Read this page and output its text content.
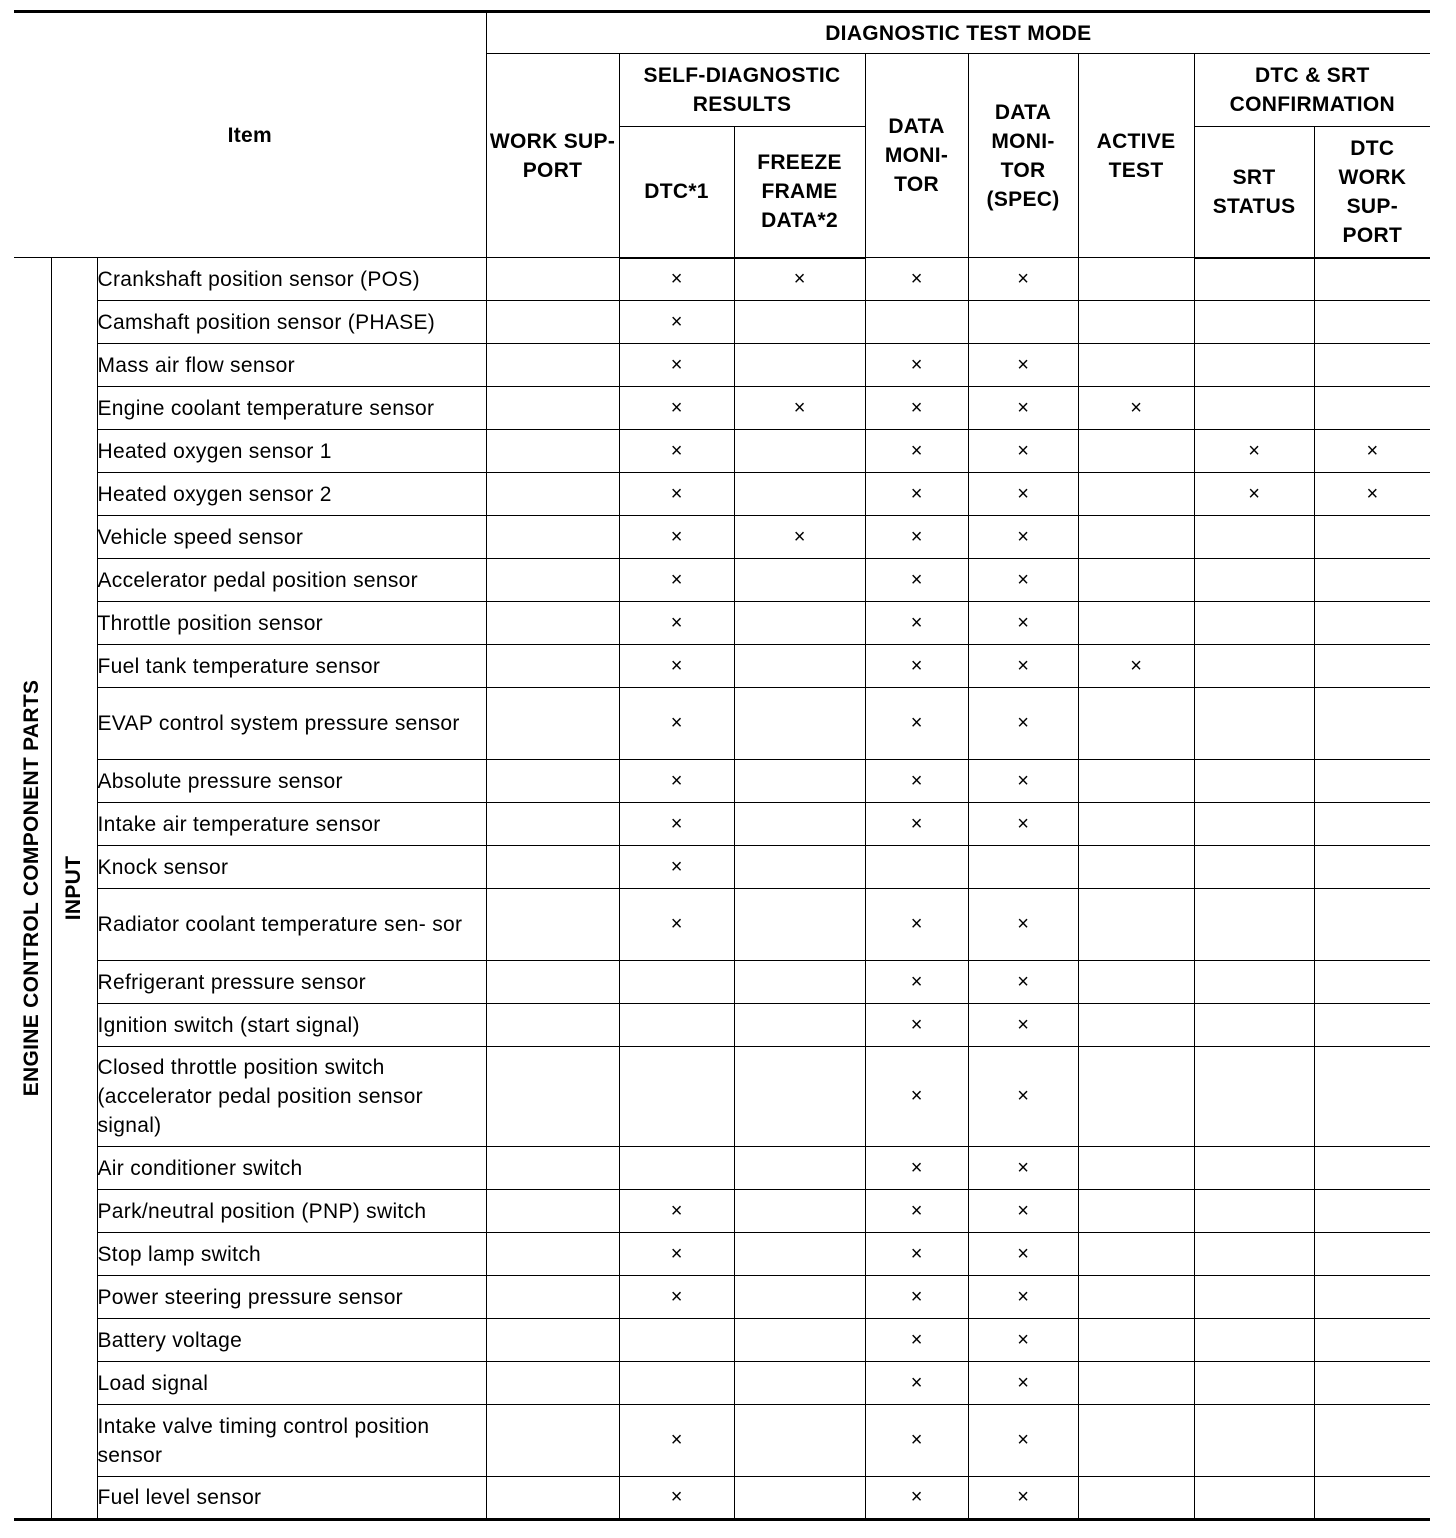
Item			DIAGNOSTIC TEST MODE							
			WORK SUP- PORT	SELF-DIAGNOSTIC RESULTS		DATA MONI- TOR	DATA MONI- TOR (SPEC)	ACTIVE TEST	DTC & SRT CONFIRMATION	
				DTC*1	FREEZE FRAME DATA*2				SRT STATUS	DTC WORK SUP- PORT

ENGINE CONTROL COMPONENT PARTS	INPUT	Crankshaft position sensor (POS)		×	×	×	×			
		Camshaft position sensor (PHASE)		×						
		Mass air flow sensor		×		×	×			
		Engine coolant temperature sensor		×	×	×	×	×		
		Heated oxygen sensor 1		×		×	×		×	×
		Heated oxygen sensor 2		×		×	×		×	×
		Vehicle speed sensor		×	×	×	×			
		Accelerator pedal position sensor		×		×	×			
		Throttle position sensor		×		×	×			
		Fuel tank temperature sensor		×		×	×	×		
		EVAP control system pressure sensor		×		×	×			
		Absolute pressure sensor		×		×	×			
		Intake air temperature sensor		×		×	×			
		Knock sensor		×						
		Radiator coolant temperature sen- sor		×		×	×			
		Refrigerant pressure sensor				×	×			
		Ignition switch (start signal)				×	×			
		Closed throttle position switch (accelerator pedal position sensor signal)				×	×			
		Air conditioner switch				×	×			
		Park/neutral position (PNP) switch		×		×	×			
		Stop lamp switch		×		×	×			
		Power steering pressure sensor		×		×	×			
		Battery voltage				×	×			
		Load signal				×	×			
		Intake valve timing control position sensor		×		×	×			
		Fuel level sensor		×		×	×			
